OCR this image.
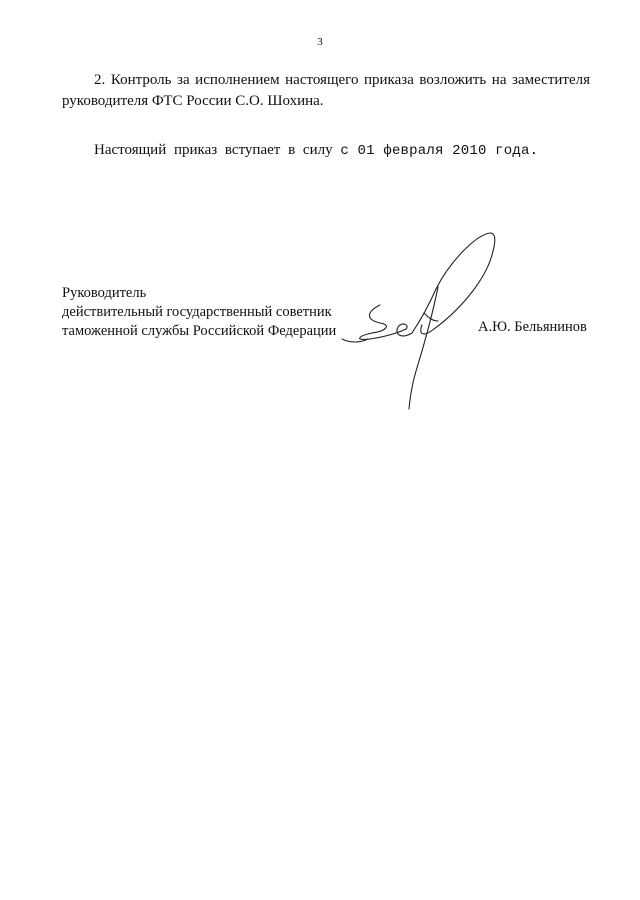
3
2. Контроль за исполнением настоящего приказа возложить на заместителя руководителя ФТС России С.О. Шохина.
Настоящий приказ вступает в силу с 01 февраля 2010 года.
Руководитель
действительный государственный советник
таможенной службы Российской Федерации	А.Ю. Бельянинов
